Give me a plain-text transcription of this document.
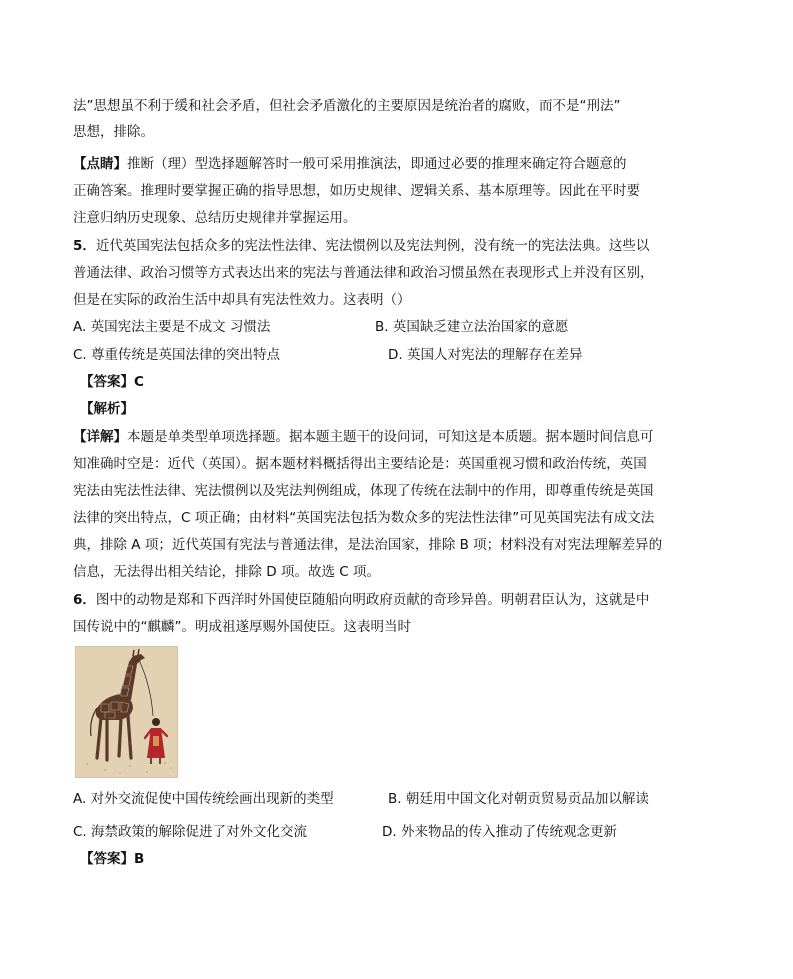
法”思想虽不利于缓和社会矛盾，但社会矛盾激化的主要原因是统治者的腐败，而不是“刑法”
思想，排除。
【点睛】推断（理）型选择题解答时一般可采用推演法，即通过必要的推理来确定符合题意的
正确答案。推理时要掌握正确的指导思想，如历史规律、逻辑关系、基本原理等。因此在平时要
注意归纳历史现象、总结历史规律并掌握运用。
5．近代英国宪法包括众多的宪法性法律、宪法惯例以及宪法判例，没有统一的宪法法典。这些以
普通法律、政治习惯等方式表达出来的宪法与普通法律和政治习惯虽然在表现形式上并没有区别，
但是在实际的政治生活中却具有宪法性效力。这表明（）
A. 英国宪法主要是不成文 习惯法	B. 英国缺乏建立法治国家的意愿
C. 尊重传统是英国法律的突出特点	D. 英国人对宪法的理解存在差异
【答案】C
【解析】
【详解】本题是单类型单项选择题。据本题主题干的设问词，可知这是本质题。据本题时间信息可
知准确时空是：近代（英国）。据本题材料概括得出主要结论是：英国重视习惯和政治传统，英国
宪法由宪法性法律、宪法惯例以及宪法判例组成，体现了传统在法制中的作用，即尊重传统是英国
法律的突出特点，C 项正确；由材料“英国宪法包括为数众多的宪法性法律”可见英国宪法有成文法
典，排除 A 项；近代英国有宪法与普通法律，是法治国家，排除 B 项；材料没有对宪法理解差异的
信息，无法得出相关结论，排除 D 项。故选 C 项。
6．图中的动物是郑和下西洋时外国使臣随船向明政府贡献的奇珍异兽。明朝君臣认为，这就是中
国传说中的“麒麟”。明成祖遂厚赐外国使臣。这表明当时
A. 对外交流促使中国传统绘画出现新的类型	B. 朝廷用中国文化对朝贡贸易贡品加以解读
C. 海禁政策的解除促进了对外文化交流	D. 外来物品的传入推动了传统观念更新
【答案】B
